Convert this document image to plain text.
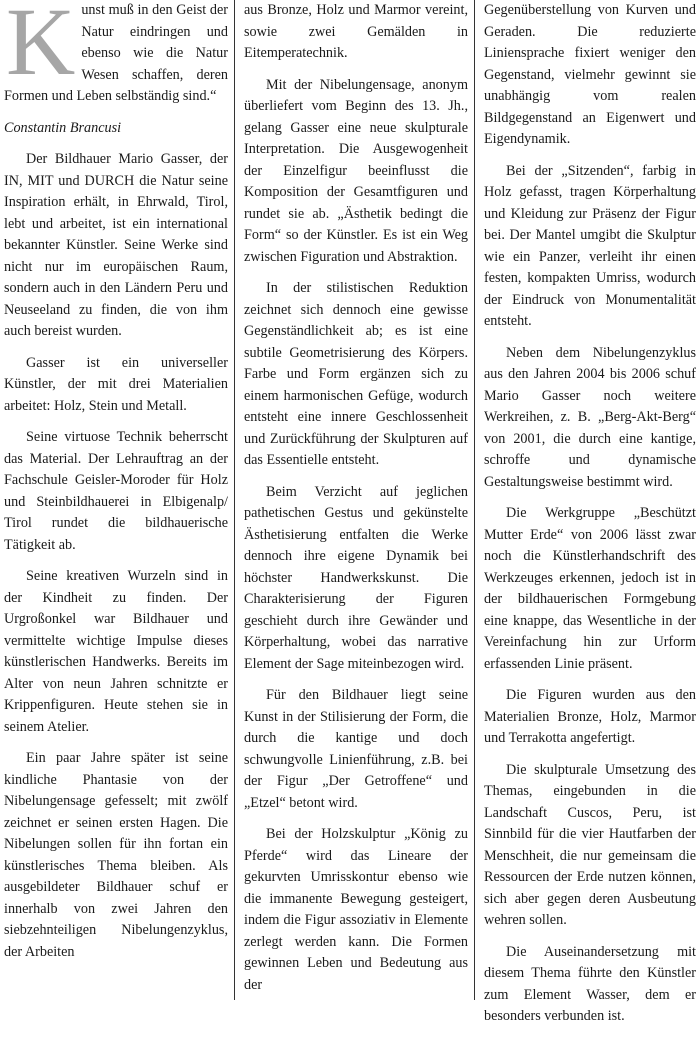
Kunst muß in den Geist der Natur eindringen und ebenso wie die Natur Wesen schaffen, deren Formen und Leben selbständig sind.“

Constantin Brancusi

Der Bildhauer Mario Gasser, der IN, MIT und DURCH die Natur seine Inspiration erhält, in Ehrwald, Tirol, lebt und arbeitet, ist ein international bekannter Künstler. Seine Werke sind nicht nur im europäischen Raum, sondern auch in den Ländern Peru und Neuseeland zu finden, die von ihm auch bereist wurden.

Gasser ist ein universeller Künstler, der mit drei Materialien arbeitet: Holz, Stein und Metall.

Seine virtuose Technik beherrscht das Material. Der Lehrauftrag an der Fachschule Geisler-Moroder für Holz und Steinbildhauerei in Elbigenalp/ Tirol rundet die bildhauerische Tätigkeit ab.

Seine kreativen Wurzeln sind in der Kindheit zu finden. Der Urgroßonkel war Bildhauer und vermittelte wichtige Impulse dieses künstlerischen Handwerks. Bereits im Alter von neun Jahren schnitzte er Krippenfiguren. Heute stehen sie in seinem Atelier.

Ein paar Jahre später ist seine kindliche Phantasie von der Nibelungensage gefesselt; mit zwölf zeichnet er seinen ersten Hagen. Die Nibelungen sollen für ihn fortan ein künstlerisches Thema bleiben. Als ausgebildeter Bildhauer schuf er innerhalb von zwei Jahren den siebzehnteiligen Nibelungenzyklus, der Arbeiten

aus Bronze, Holz und Marmor vereint, sowie zwei Gemälden in Eitemperatechnik.

Mit der Nibelungensage, anonym überliefert vom Beginn des 13. Jh., gelang Gasser eine neue skulpturale Interpretation. Die Ausgewogenheit der Einzelfigur beeinflusst die Komposition der Gesamtfiguren und rundet sie ab. „Ästhetik bedingt die Form“ so der Künstler. Es ist ein Weg zwischen Figuration und Abstraktion.

In der stilistischen Reduktion zeichnet sich dennoch eine gewisse Gegenständlichkeit ab; es ist eine subtile Geometrisierung des Körpers. Farbe und Form ergänzen sich zu einem harmonischen Gefüge, wodurch entsteht eine innere Geschlossenheit und Zurückführung der Skulpturen auf das Essentielle entsteht.

Beim Verzicht auf jeglichen pathetischen Gestus und gekünstelte Ästhetisierung entfalten die Werke dennoch ihre eigene Dynamik bei höchster Handwerkskunst. Die Charakterisierung der Figuren geschieht durch ihre Gewänder und Körperhaltung, wobei das narrative Element der Sage miteinbezogen wird.

Für den Bildhauer liegt seine Kunst in der Stilisierung der Form, die durch die kantige und doch schwungvolle Linienführung, z.B. bei der Figur „Der Getroffene“ und „Etzel“ betont wird.

Bei der Holzskulptur „König zu Pferde“ wird das Lineare der gekurvten Umrisskontur ebenso wie die immanente Bewegung gesteigert, indem die Figur assoziativ in Elemente zerlegt werden kann. Die Formen gewinnen Leben und Bedeutung aus der

Gegenüberstellung von Kurven und Geraden. Die reduzierte Liniensprache fixiert weniger den Gegenstand, vielmehr gewinnt sie unabhängig vom realen Bildgegenstand an Eigenwert und Eigendynamik.

Bei der „Sitzenden“, farbig in Holz gefasst, tragen Körperhaltung und Kleidung zur Präsenz der Figur bei. Der Mantel umgibt die Skulptur wie ein Panzer, verleiht ihr einen festen, kompakten Umriss, wodurch der Eindruck von Monumentalität entsteht.

Neben dem Nibelungenzyklus aus den Jahren 2004 bis 2006 schuf Mario Gasser noch weitere Werkreihen, z. B. „Berg-Akt-Berg“ von 2001, die durch eine kantige, schroffe und dynamische Gestaltungsweise bestimmt wird.

Die Werkgruppe „Beschützt Mutter Erde“ von 2006 lässt zwar noch die Künstlerhandschrift des Werkzeuges erkennen, jedoch ist in der bildhauerischen Formgebung eine knappe, das Wesentliche in der Vereinfachung hin zur Urform erfassenden Linie präsent.

Die Figuren wurden aus den Materialien Bronze, Holz, Marmor und Terrakotta angefertigt.

Die skulpturale Umsetzung des Themas, eingebunden in die Landschaft Cuscos, Peru, ist Sinnbild für die vier Hautfarben der Menschheit, die nur gemeinsam die Ressourcen der Erde nutzen können, sich aber gegen deren Ausbeutung wehren sollen.

Die Auseinandersetzung mit diesem Thema führte den Künstler zum Element Wasser, dem er besonders verbunden ist.
